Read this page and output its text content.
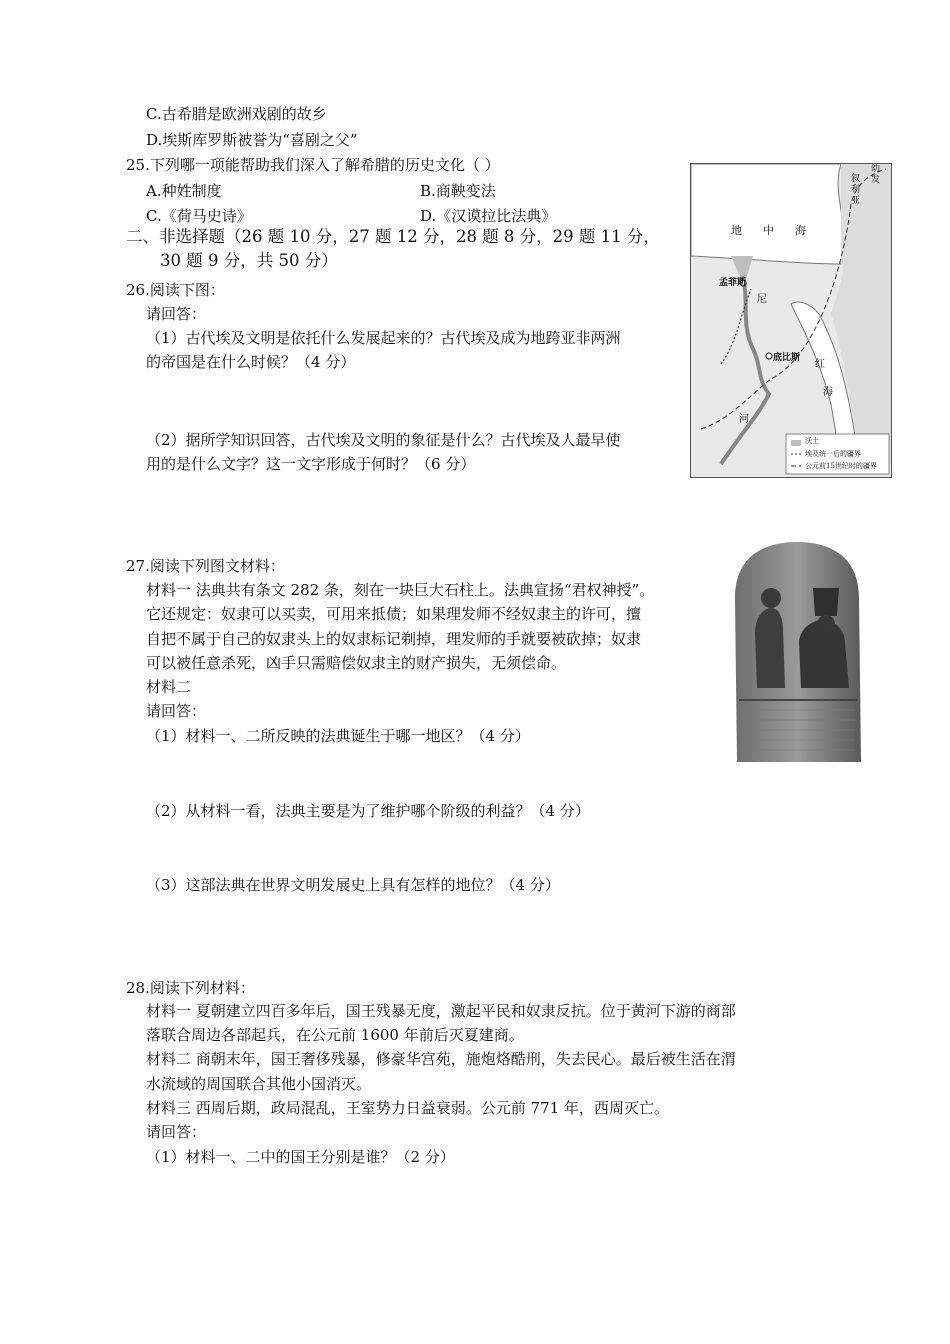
C.古希腊是欧洲戏剧的故乡
D.埃斯库罗斯被誉为“喜剧之父”
25.下列哪一项能帮助我们深入了解希腊的历史文化（ ）
A.种姓制度	B.商鞅变法
C.《荷马史诗》	D.《汉谟拉比法典》
二、非选择题（26 题 10 分，27 题 12 分，28 题 8 分，29 题 11 分，
30 题 9 分，共 50 分）
26.阅读下图：
请回答：
（1）古代埃及文明是依托什么发展起来的？古代埃及成为地跨亚非两洲
的帝国是在什么时候？（4 分）
（2）据所学知识回答，古代埃及文明的象征是什么？古代埃及人最早使
用的是什么文字？这一文字形成于何时？（6 分）
地 中 海
孟菲斯
底比斯
尼
河
红
海
幼
发
叙
利
亚
沃土
埃及统一后的疆界
公元前15世纪时的疆界
27.阅读下列图文材料：
材料一 法典共有条文 282 条，刻在一块巨大石柱上。法典宣扬“君权神授”。
它还规定：奴隶可以买卖，可用来抵债；如果理发师不经奴隶主的许可，擅
自把不属于自己的奴隶头上的奴隶标记剃掉，理发师的手就要被砍掉；奴隶
可以被任意杀死，凶手只需赔偿奴隶主的财产损失，无须偿命。
材料二
请回答：
（1）材料一、二所反映的法典诞生于哪一地区？（4 分）
（2）从材料一看，法典主要是为了维护哪个阶级的利益？（4 分）
（3）这部法典在世界文明发展史上具有怎样的地位？（4 分）
28.阅读下列材料：
材料一 夏朝建立四百多年后，国王残暴无度，激起平民和奴隶反抗。位于黄河下游的商部
落联合周边各部起兵，在公元前 1600 年前后灭夏建商。
材料二 商朝末年，国王奢侈残暴，修豪华宫苑，施炮烙酷刑，失去民心。最后被生活在渭
水流域的周国联合其他小国消灭。
材料三 西周后期，政局混乱，王室势力日益衰弱。公元前 771 年，西周灭亡。
请回答：
（1）材料一、二中的国王分别是谁？（2 分）
